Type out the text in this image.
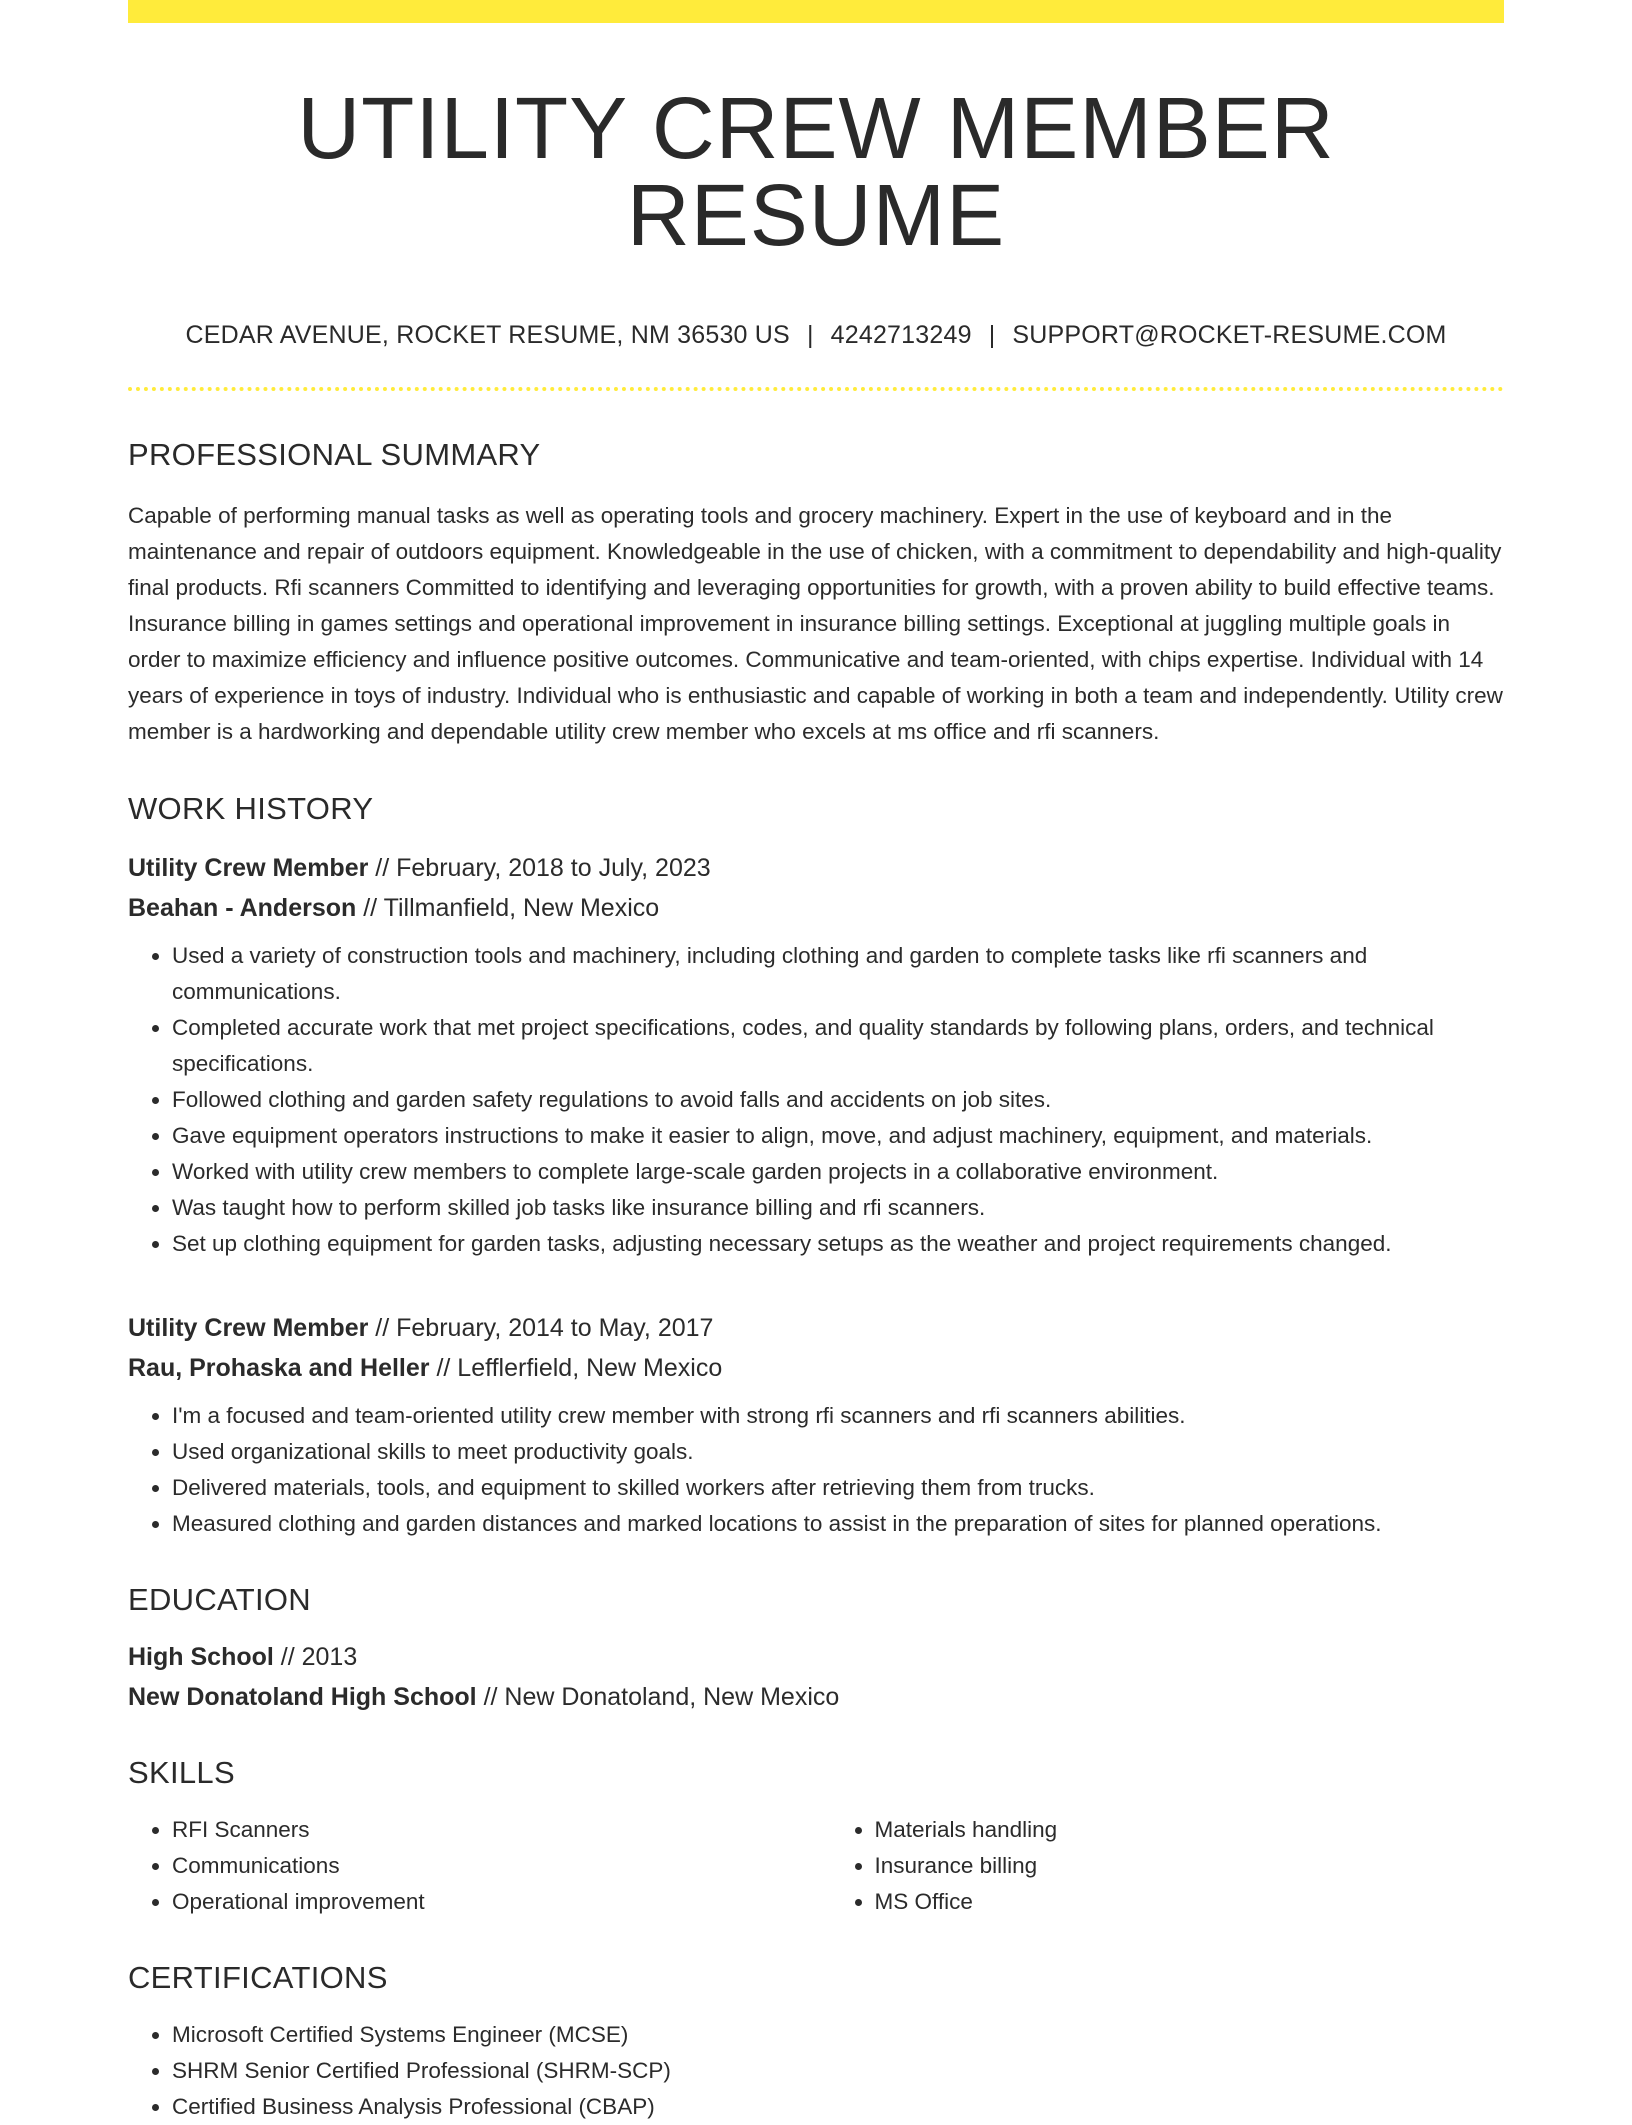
UTILITY CREW MEMBER RESUME
CEDAR AVENUE, ROCKET RESUME, NM 36530 US | 4242713249 | SUPPORT@ROCKET-RESUME.COM
PROFESSIONAL SUMMARY

Capable of performing manual tasks as well as operating tools and grocery machinery. Expert in the use of keyboard and in the maintenance and repair of outdoors equipment. Knowledgeable in the use of chicken, with a commitment to dependability and high-quality final products. Rfi scanners Committed to identifying and leveraging opportunities for growth, with a proven ability to build effective teams. Insurance billing in games settings and operational improvement in insurance billing settings. Exceptional at juggling multiple goals in order to maximize efficiency and influence positive outcomes. Communicative and team-oriented, with chips expertise. Individual with 14 years of experience in toys of industry. Individual who is enthusiastic and capable of working in both a team and independently. Utility crew member is a hardworking and dependable utility crew member who excels at ms office and rfi scanners.

WORK HISTORY
Utility Crew Member // February, 2018 to July, 2023
Beahan - Anderson // Tillmanfield, New Mexico
• Used a variety of construction tools and machinery, including clothing and garden to complete tasks like rfi scanners and communications.
• Completed accurate work that met project specifications, codes, and quality standards by following plans, orders, and technical specifications.
• Followed clothing and garden safety regulations to avoid falls and accidents on job sites.
• Gave equipment operators instructions to make it easier to align, move, and adjust machinery, equipment, and materials.
• Worked with utility crew members to complete large-scale garden projects in a collaborative environment.
• Was taught how to perform skilled job tasks like insurance billing and rfi scanners.
• Set up clothing equipment for garden tasks, adjusting necessary setups as the weather and project requirements changed.
Utility Crew Member // February, 2014 to May, 2017
Rau, Prohaska and Heller // Lefflerfield, New Mexico
• I'm a focused and team-oriented utility crew member with strong rfi scanners and rfi scanners abilities.
• Used organizational skills to meet productivity goals.
• Delivered materials, tools, and equipment to skilled workers after retrieving them from trucks.
• Measured clothing and garden distances and marked locations to assist in the preparation of sites for planned operations.
EDUCATION
High School // 2013
New Donatoland High School // New Donatoland, New Mexico
SKILLS
• RFI Scanners
• Communications
• Operational improvement
• Materials handling
• Insurance billing
• MS Office
CERTIFICATIONS
• Microsoft Certified Systems Engineer (MCSE)
• SHRM Senior Certified Professional (SHRM-SCP)
• Certified Business Analysis Professional (CBAP)
